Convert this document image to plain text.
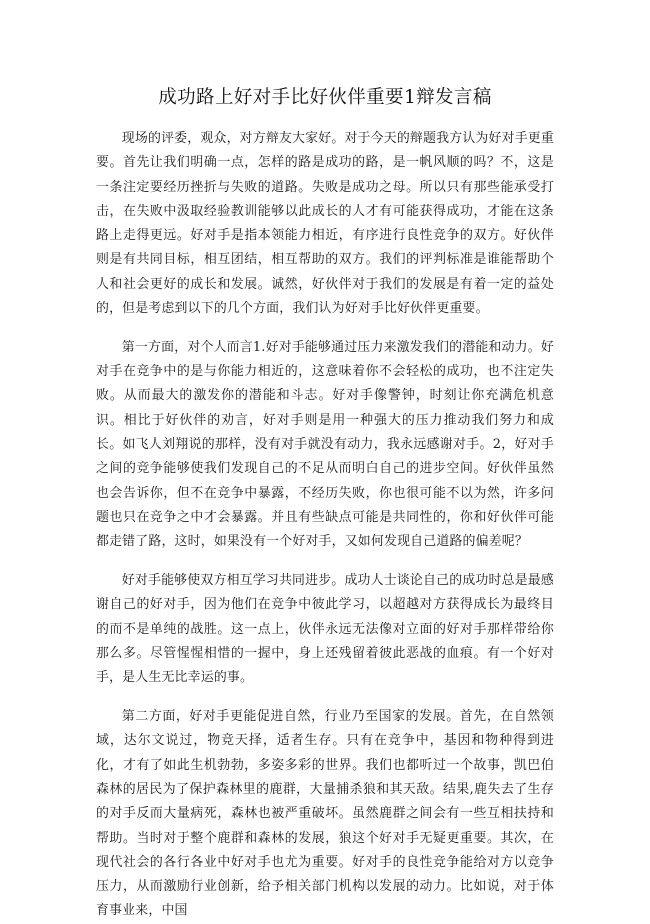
成功路上好对手比好伙伴重要1辩发言稿

现场的评委，观众，对方辩友大家好。对于今天的辩题我方认为好对手更重要。首先让我们明确一点，怎样的路是成功的路，是一帆风顺的吗？不，这是一条注定要经历挫折与失败的道路。失败是成功之母。所以只有那些能承受打击，在失败中汲取经验教训能够以此成长的人才有可能获得成功，才能在这条路上走得更远。好对手是指本领能力相近，有序进行良性竞争的双方。好伙伴则是有共同目标，相互团结，相互帮助的双方。我们的评判标准是谁能帮助个人和社会更好的成长和发展。诚然，好伙伴对于我们的发展是有着一定的益处的，但是考虑到以下的几个方面，我们认为好对手比好伙伴更重要。

第一方面，对个人而言1.好对手能够通过压力来激发我们的潜能和动力。好对手在竞争中的是与你能力相近的，这意味着你不会轻松的成功，也不注定失败。从而最大的激发你的潜能和斗志。好对手像警钟，时刻让你充满危机意识。相比于好伙伴的劝言，好对手则是用一种强大的压力推动我们努力和成长。如飞人刘翔说的那样，没有对手就没有动力，我永远感谢对手。2，好对手之间的竞争能够使我们发现自己的不足从而明白自己的进步空间。好伙伴虽然也会告诉你，但不在竞争中暴露，不经历失败，你也很可能不以为然，许多问题也只在竞争之中才会暴露。并且有些缺点可能是共同性的，你和好伙伴可能都走错了路，这时，如果没有一个好对手，又如何发现自己道路的偏差呢？

好对手能够使双方相互学习共同进步。成功人士谈论自己的成功时总是最感谢自己的好对手，因为他们在竞争中彼此学习，以超越对方获得成长为最终目的而不是单纯的战胜。这一点上，伙伴永远无法像对立面的好对手那样带给你那么多。尽管惺惺相惜的一握中，身上还残留着彼此恶战的血痕。有一个好对手，是人生无比幸运的事。

第二方面，好对手更能促进自然，行业乃至国家的发展。首先，在自然领域，达尔文说过，物竞天择，适者生存。只有在竞争中，基因和物种得到进化，才有了如此生机勃勃，多姿多彩的世界。我们也都听过一个故事，凯巴伯森林的居民为了保护森林里的鹿群，大量捕杀狼和其天敌。结果,鹿失去了生存的对手反而大量病死，森林也被严重破坏。虽然鹿群之间会有一些互相扶持和帮助。当时对于整个鹿群和森林的发展，狼这个好对手无疑更重要。其次，在现代社会的各行各业中好对手也尤为重要。好对手的良性竞争能给对方以竞争压力，从而激励行业创新，给予相关部门机构以发展的动力。比如说，对于体育事业来，中国
